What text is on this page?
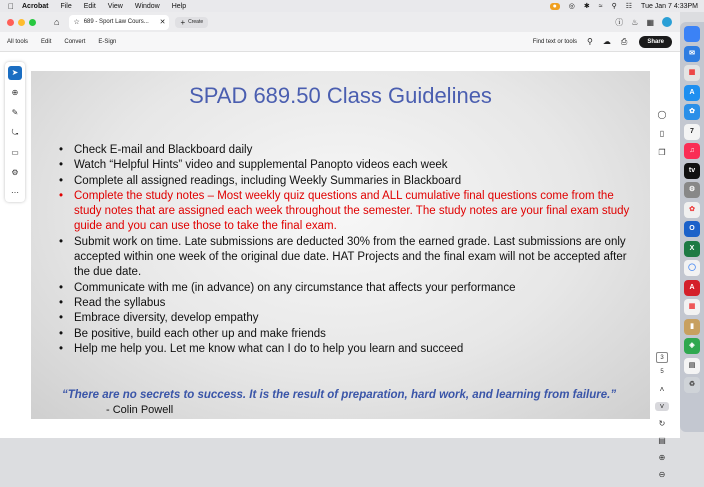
Acrobat File Edit View Window Help	●	◎ ✱ ≈ ⚲ ☷ Tue Jan 7 4:33PM
⌂ ☆ 689 - Sport Law Cours...	✕ + Create	ⓘ ♨ ▦
All tools Edit Convert E-Sign	Find text or tools ⚲ ☁ ⎙	Share
➤
⊕
✎
⤿
▭
⚙
⋯
SPAD 689.50 Class Guidelines
• Check E-mail and Blackboard daily
• Watch “Helpful Hints” video and supplemental Panopto videos each week
• Complete all assigned readings, including Weekly Summaries in Blackboard
• Complete the study notes – Most weekly quiz questions and ALL cumulative final questions come from the study notes that are assigned each week throughout the semester. The study notes are your final exam study guide and you can use those to take the final exam.
• Submit work on time. Late submissions are deducted 30% from the earned grade. Last submissions are only accepted within one week of the original due date. HAT Projects and the final exam will not be accepted after the due date.
• Communicate with me (in advance) on any circumstance that affects your performance
• Read the syllabus
• Embrace diversity, develop empathy
• Be positive, build each other up and make friends
• Help me help you. Let me know what can I do to help you learn and succeed
“There are no secrets to success. It is the result of preparation, hard work, and learning from failure.”
- Colin Powell
◯
▯
❐
3
5
˄
˅
↻
▤
⊕
⊖
✉
▦
A
✿
7
♫
tv
⚙
✿
O
X
◯
A
▦
▮
◈
▤
♻
